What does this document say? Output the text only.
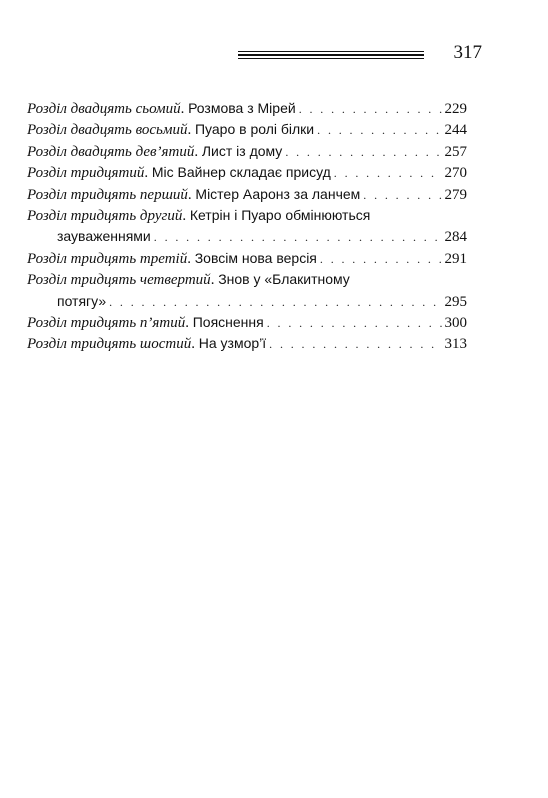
317
Розділ двадцять сьомий . Розмова з Мірей . . .	229
Розділ двадцять восьмий . Пуаро в ролі білки . . .	244
Розділ двадцять дев’ятий . Лист із дому . . .	257
Розділ тридцятий . Міс Вайнер складає присуд . . .	270
Розділ тридцять перший . Містер Ааронз за ланчем . . .	279
Розділ тридцять другий . Кетрін і Пуаро обмінюються
зауваженнями . . .	284
Розділ тридцять третій . Зовсім нова версія . . .	291
Розділ тридцять четвертий . Знов у «Блакитному
потягу» . . .	295
Розділ тридцять п’ятий . Пояснення . . .	300
Розділ тридцять шостий . На узмор’ї . . .	313
